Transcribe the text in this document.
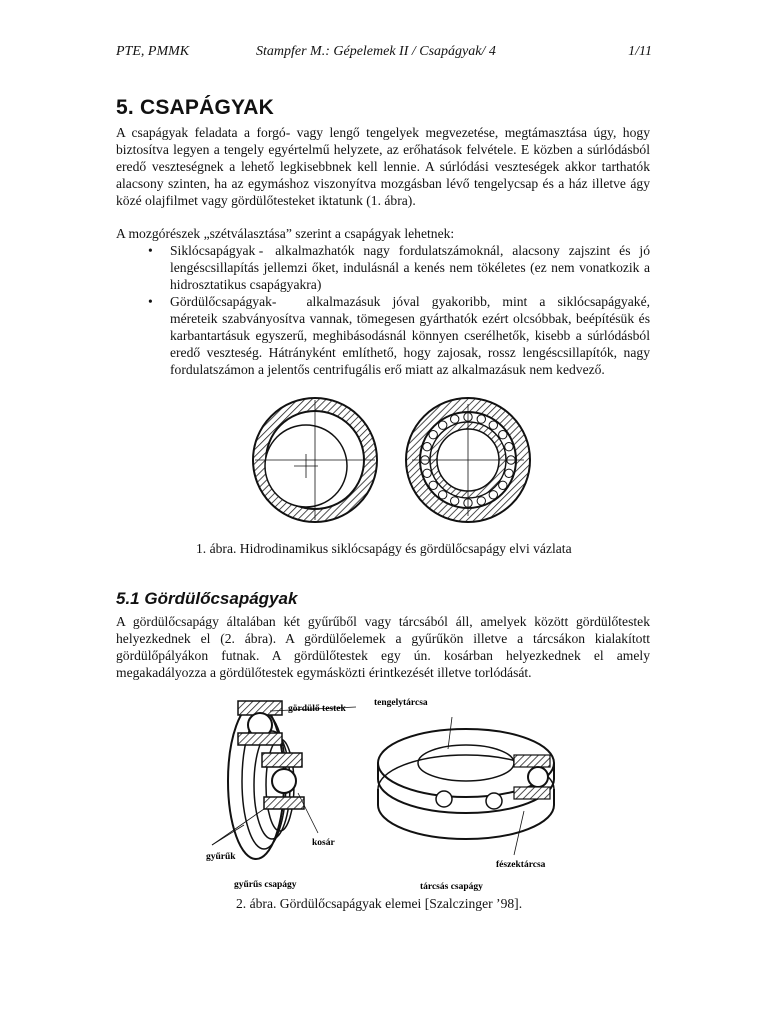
PTE, PMMK	Stampfer M.: Gépelemek II / Csapágyak/ 4	1/11
5. CSAPÁGYAK

A csapágyak feladata a forgó- vagy lengő tengelyek megvezetése, megtámasztása úgy, hogy biztosítva legyen a tengely egyértelmű helyzete, az erőhatások felvétele. E közben a súrlódásból eredő veszteségnek a lehető legkisebbnek kell lennie. A súrlódási veszteségek akkor tarthatók alacsony szinten, ha az egymáshoz viszonyítva mozgásban lévő tengelycsap és a ház illetve ágy közé olajfilmet vagy gördülőtesteket iktatunk (1. ábra).

A mozgórészek „szétválasztása” szerint a csapágyak lehetnek:

• Siklócsapágyak - alkalmazhatók nagy fordulatszámoknál, alacsony zajszint és jó lengéscsillapítás jellemzi őket, indulásnál a kenés nem tökéletes (ez nem vonatkozik a hidrosztatikus csapágyakra)
• Gördülőcsapágyak- alkalmazásuk jóval gyakoribb, mint a siklócsapágyaké, méreteik szabványosítva vannak, tömegesen gyárthatók ezért olcsóbbak, beépítésük és karbantartásuk egyszerű, meghibásodásnál könnyen cserélhetők, kisebb a súrlódásból eredő veszteség. Hátrányként említhető, hogy zajosak, rossz lengéscsillapítók, nagy fordulatszámon a jelentős centrifugális erő miatt az alkalmazásuk nem kedvező.

1. ábra. Hidrodinamikus siklócsapágy és gördülőcsapágy elvi vázlata

5.1 Gördülőcsapágyak

A gördülőcsapágy általában két gyűrűből vagy tárcsából áll, amelyek között gördülőtestek helyezkednek el (2. ábra). A gördülőelemek a gyűrűkön illetve a tárcsákon kialakított gördülőpályákon futnak. A gördülőtestek egy ún. kosárban helyezkednek el amely megakadályozza a gördülőtestek egymásközti érintkezését illetve torlódását.

gördülő testek
tengelytárcsa
kosár
fészektárcsa
gyűrűk
gyűrűs csapágy	tárcsás csapágy

2. ábra. Gördülőcsapágyak elemei [Szalczinger ’98].
